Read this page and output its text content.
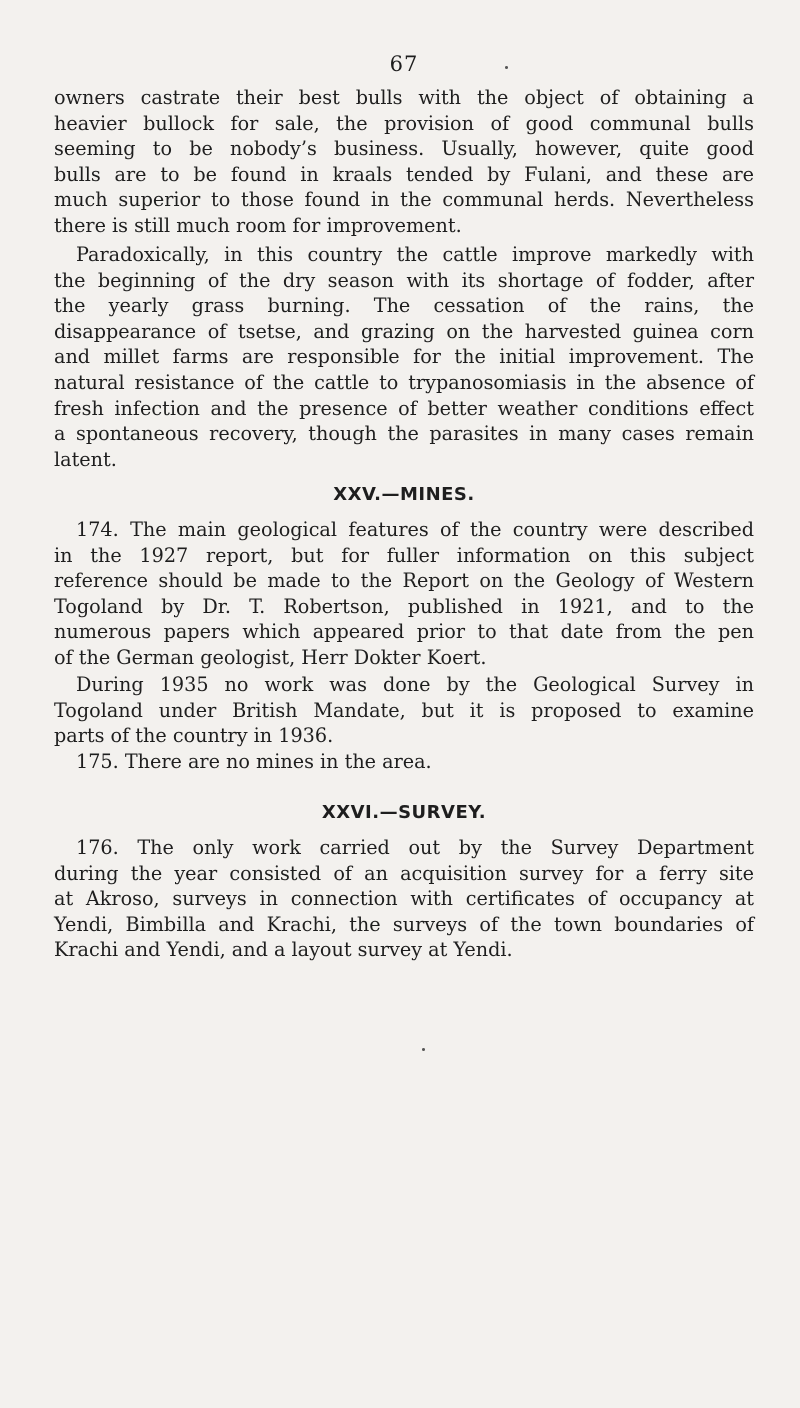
67
owners castrate their best bulls with the object of obtaining a
heavier bullock for sale, the provision of good communal bulls
seeming to be nobody’s business. Usually, however, quite good
bulls are to be found in kraals tended by Fulani, and these are
much superior to those found in the communal herds. Nevertheless
there is still much room for improvement.
Paradoxically, in this country the cattle improve markedly with
the beginning of the dry season with its shortage of fodder, after
the yearly grass burning. The cessation of the rains, the
disappearance of tsetse, and grazing on the harvested guinea corn
and millet farms are responsible for the initial improvement. The
natural resistance of the cattle to trypanosomiasis in the absence of
fresh infection and the presence of better weather conditions effect
a spontaneous recovery, though the parasites in many cases remain
latent.
XXV.—MINES.
174. The main geological features of the country were described
in the 1927 report, but for fuller information on this subject
reference should be made to the Report on the Geology of Western
Togoland by Dr. T. Robertson, published in 1921, and to the
numerous papers which appeared prior to that date from the pen
of the German geologist, Herr Dokter Koert.
During 1935 no work was done by the Geological Survey in
Togoland under British Mandate, but it is proposed to examine
parts of the country in 1936.
175. There are no mines in the area.
XXVI.—SURVEY.
176. The only work carried out by the Survey Department
during the year consisted of an acquisition survey for a ferry site
at Akroso, surveys in connection with certificates of occupancy at
Yendi, Bimbilla and Krachi, the surveys of the town boundaries of
Krachi and Yendi, and a layout survey at Yendi.
